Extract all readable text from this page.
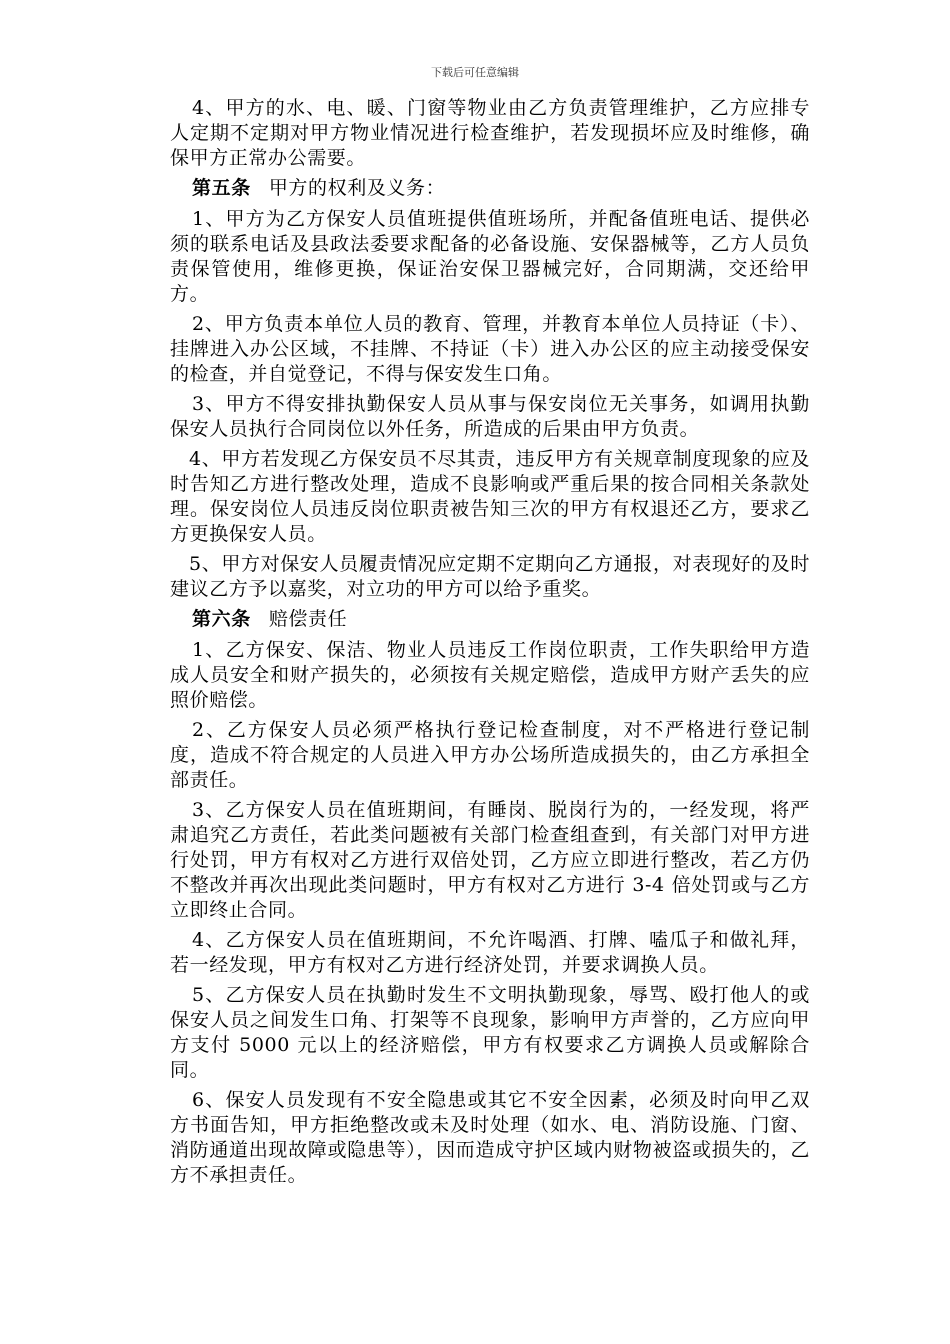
下载后可任意编辑

4、甲方的水、电、暖、门窗等物业由乙方负责管理维护，乙方应排专人定期不定期对甲方物业情况进行检查维护，若发现损坏应及时维修，确保甲方正常办公需要。

第五条 甲方的权利及义务：

1、甲方为乙方保安人员值班提供值班场所，并配备值班电话、提供必须的联系电话及县政法委要求配备的必备设施、安保器械等，乙方人员负责保管使用，维修更换，保证治安保卫器械完好，合同期满，交还给甲方。

2、甲方负责本单位人员的教育、管理，并教育本单位人员持证（卡）、挂牌进入办公区域，不挂牌、不持证（卡）进入办公区的应主动接受保安的检查，并自觉登记，不得与保安发生口角。

3、甲方不得安排执勤保安人员从事与保安岗位无关事务，如调用执勤保安人员执行合同岗位以外任务，所造成的后果由甲方负责。

4、甲方若发现乙方保安员不尽其责，违反甲方有关规章制度现象的应及时告知乙方进行整改处理，造成不良影响或严重后果的按合同相关条款处理。保安岗位人员违反岗位职责被告知三次的甲方有权退还乙方，要求乙方更换保安人员。

5、甲方对保安人员履责情况应定期不定期向乙方通报，对表现好的及时建议乙方予以嘉奖，对立功的甲方可以给予重奖。

第六条 赔偿责任

1、乙方保安、保洁、物业人员违反工作岗位职责，工作失职给甲方造成人员安全和财产损失的，必须按有关规定赔偿，造成甲方财产丢失的应照价赔偿。

2、乙方保安人员必须严格执行登记检查制度，对不严格进行登记制度，造成不符合规定的人员进入甲方办公场所造成损失的，由乙方承担全部责任。

3、乙方保安人员在值班期间，有睡岗、脱岗行为的，一经发现，将严肃追究乙方责任，若此类问题被有关部门检查组查到，有关部门对甲方进行处罚，甲方有权对乙方进行双倍处罚，乙方应立即进行整改，若乙方仍不整改并再次出现此类问题时，甲方有权对乙方进行 3-4 倍处罚或与乙方立即终止合同。

4、乙方保安人员在值班期间，不允许喝酒、打牌、嗑瓜子和做礼拜，若一经发现，甲方有权对乙方进行经济处罚，并要求调换人员。

5、乙方保安人员在执勤时发生不文明执勤现象，辱骂、殴打他人的或保安人员之间发生口角、打架等不良现象，影响甲方声誉的，乙方应向甲方支付 5000 元以上的经济赔偿，甲方有权要求乙方调换人员或解除合同。

6、保安人员发现有不安全隐患或其它不安全因素，必须及时向甲乙双方书面告知，甲方拒绝整改或未及时处理（如水、电、消防设施、门窗、消防通道出现故障或隐患等），因而造成守护区域内财物被盗或损失的，乙方不承担责任。
